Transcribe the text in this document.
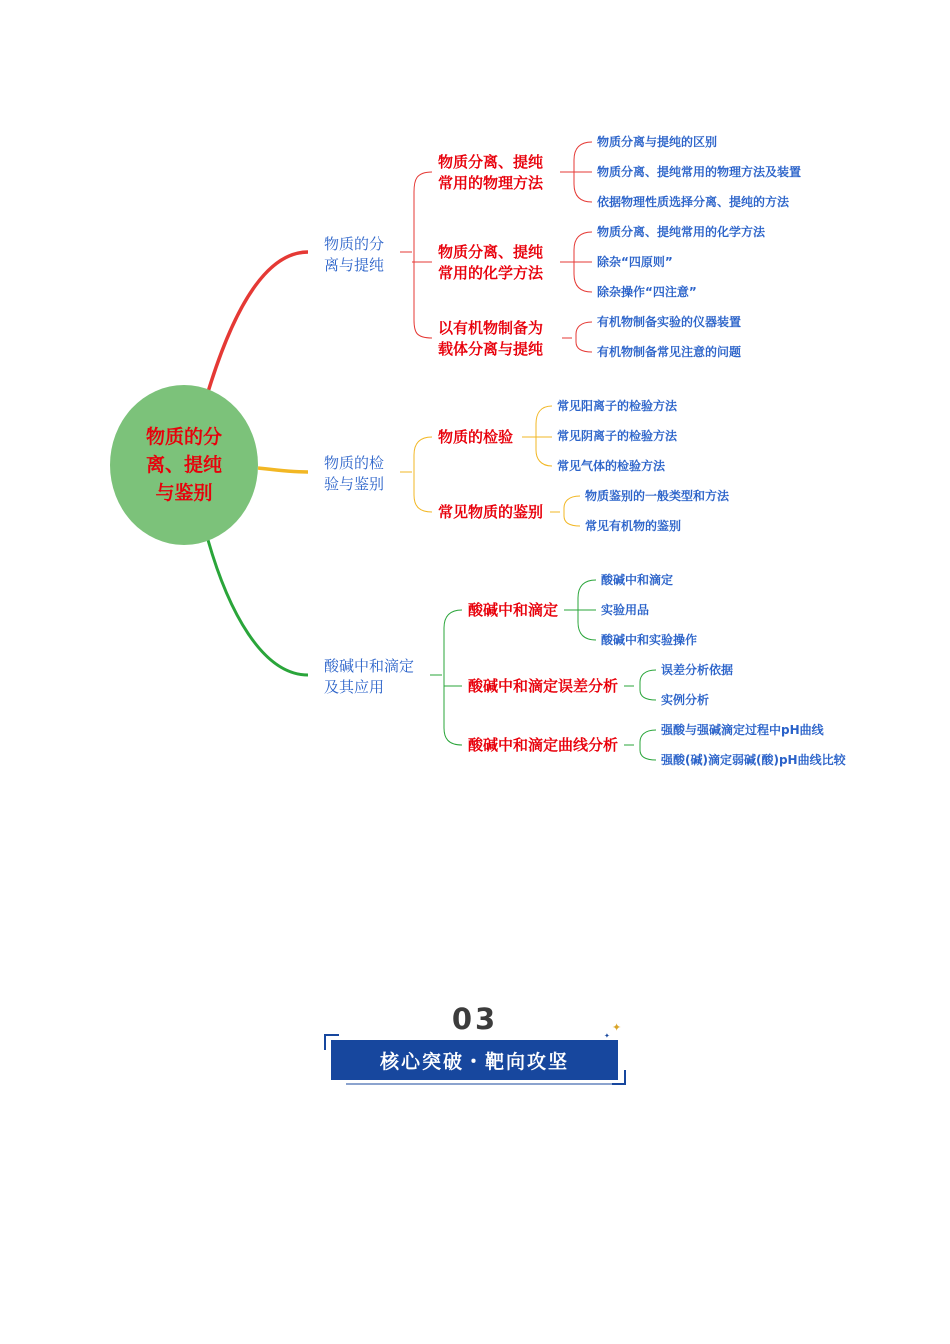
✦
✦
物质的分离、提纯与鉴别
物质的分离与提纯
物质的检验与鉴别
酸碱中和滴定及其应用
物质分离、提纯常用的物理方法
物质分离、提纯常用的化学方法
以有机物制备为载体分离与提纯
物质分离与提纯的区别
物质分离、提纯常用的物理方法及装置
依据物理性质选择分离、提纯的方法
物质分离、提纯常用的化学方法
除杂“四原则”
除杂操作“四注意”
有机物制备实验的仪器装置
有机物制备常见注意的问题
物质的检验
常见物质的鉴别
常见阳离子的检验方法
常见阴离子的检验方法
常见气体的检验方法
物质鉴别的一般类型和方法
常见有机物的鉴别
酸碱中和滴定
酸碱中和滴定误差分析
酸碱中和滴定曲线分析
酸碱中和滴定
实验用品
酸碱中和实验操作
误差分析依据
实例分析
强酸与强碱滴定过程中pH曲线
强酸(碱)滴定弱碱(酸)pH曲线比较
03
核心突破・靶向攻坚
